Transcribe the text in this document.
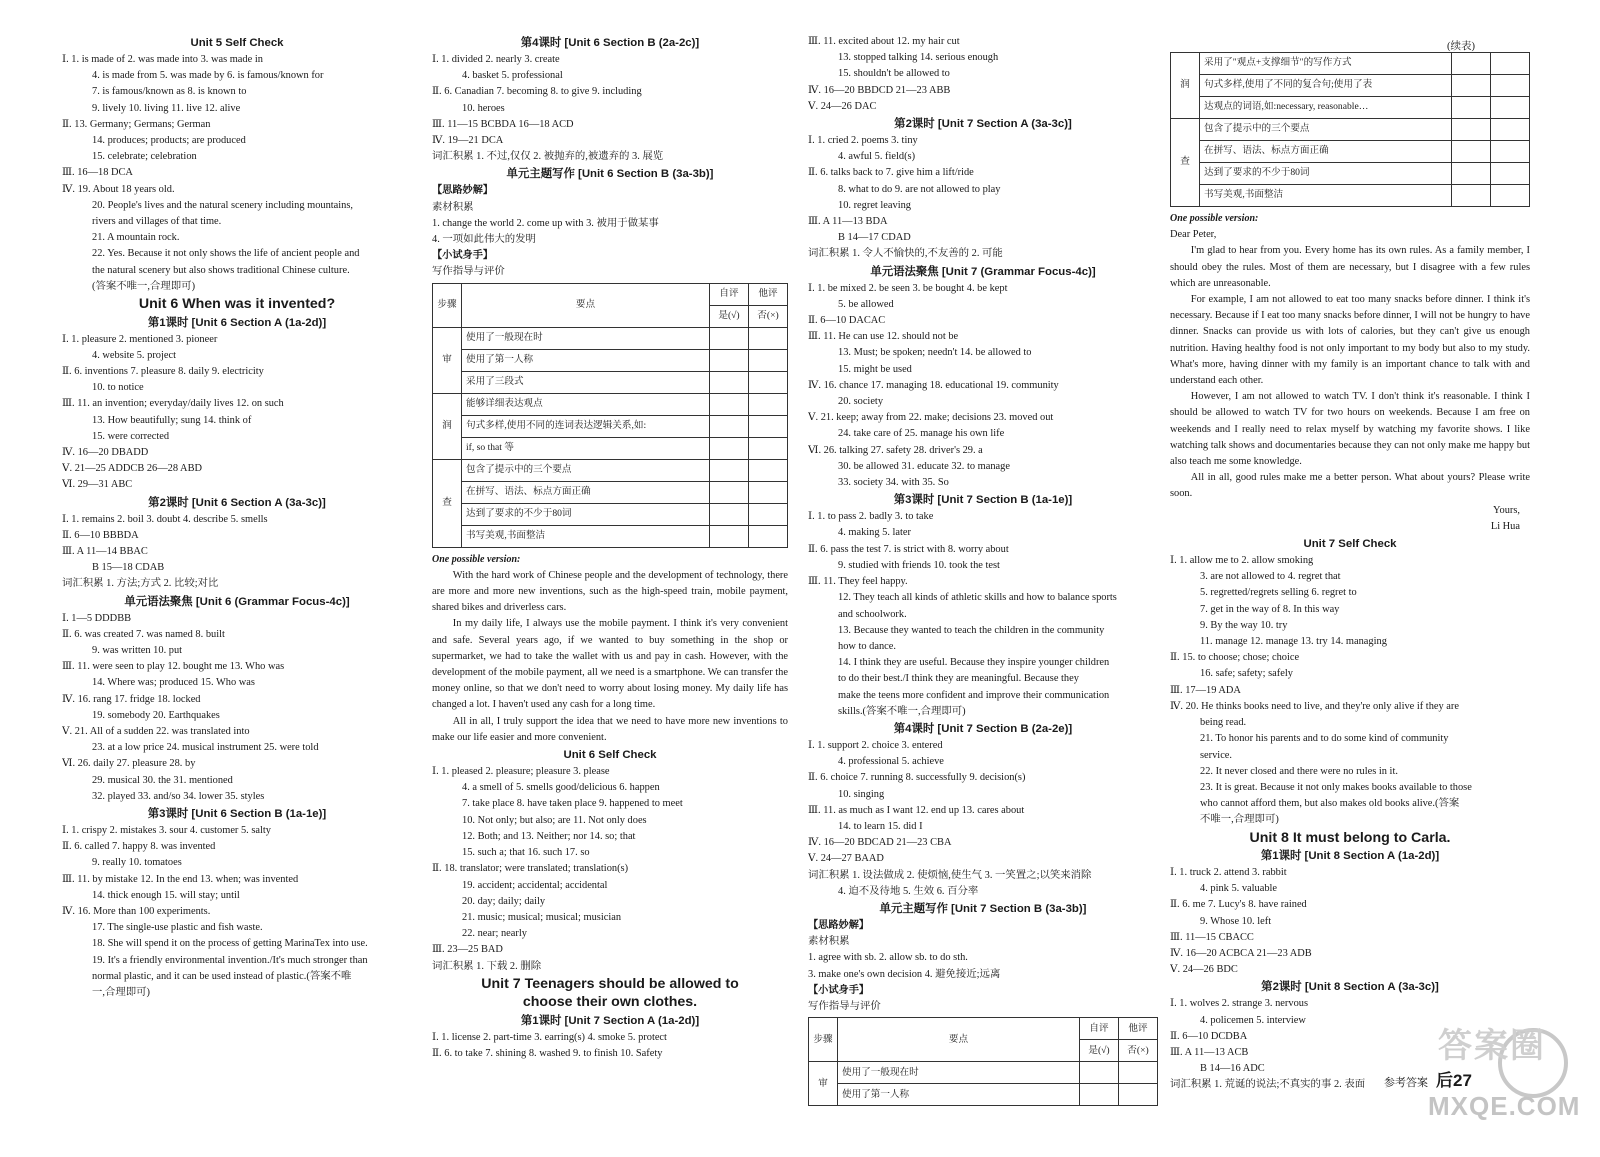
Unit 5 Self Check
Ⅰ. 1. is made of 2. was made into 3. was made in
4. is made from 5. was made by 6. is famous/known for
7. is famous/known as 8. is known to
9. lively 10. living 11. live 12. alive
Ⅱ. 13. Germany; Germans; German
14. produces; products; are produced
15. celebrate; celebration
Ⅲ. 16—18 DCA
Ⅳ. 19. About 18 years old.
20. People's lives and the natural scenery including mountains,
rivers and villages of that time.
21. A mountain rock.
22. Yes. Because it not only shows the life of ancient people and
the natural scenery but also shows traditional Chinese culture.
(答案不唯一,合理即可)
Unit 6 When was it invented?
第1课时 [Unit 6 Section A (1a-2d)]
Ⅰ. 1. pleasure 2. mentioned 3. pioneer
4. website 5. project
Ⅱ. 6. inventions 7. pleasure 8. daily 9. electricity
10. to notice
Ⅲ. 11. an invention; everyday/daily lives 12. on such
13. How beautifully; sung 14. think of
15. were corrected
Ⅳ. 16—20 DBADD
Ⅴ. 21—25 ADDCB 26—28 ABD
Ⅵ. 29—31 ABC
第2课时 [Unit 6 Section A (3a-3c)]
Ⅰ. 1. remains 2. boil 3. doubt 4. describe 5. smells
Ⅱ. 6—10 BBBDA
Ⅲ. A 11—14 BBAC
B 15—18 CDAB
词汇积累 1. 方法;方式 2. 比较;对比
单元语法聚焦 [Unit 6 (Grammar Focus-4c)]
Ⅰ. 1—5 DDDBB
Ⅱ. 6. was created 7. was named 8. built
9. was written 10. put
Ⅲ. 11. were seen to play 12. bought me 13. Who was
14. Where was; produced 15. Who was
Ⅳ. 16. rang 17. fridge 18. locked
19. somebody 20. Earthquakes
Ⅴ. 21. All of a sudden 22. was translated into
23. at a low price 24. musical instrument 25. were told
Ⅵ. 26. daily 27. pleasure 28. by
29. musical 30. the 31. mentioned
32. played 33. and/so 34. lower 35. styles
第3课时 [Unit 6 Section B (1a-1e)]
Ⅰ. 1. crispy 2. mistakes 3. sour 4. customer 5. salty
Ⅱ. 6. called 7. happy 8. was invented
9. really 10. tomatoes
Ⅲ. 11. by mistake 12. In the end 13. when; was invented
14. thick enough 15. will stay; until
Ⅳ. 16. More than 100 experiments.
17. The single-use plastic and fish waste.
18. She will spend it on the process of getting MarinaTex into use.
19. It's a friendly environmental invention./It's much stronger than
normal plastic, and it can be used instead of plastic.(答案不唯
一,合理即可)
第4课时 [Unit 6 Section B (2a-2c)]
Ⅰ. 1. divided 2. nearly 3. create
4. basket 5. professional
Ⅱ. 6. Canadian 7. becoming 8. to give 9. including
10. heroes
Ⅲ. 11—15 BCBDA 16—18 ACD
Ⅳ. 19—21 DCA
词汇积累 1. 不过,仅仅 2. 被抛弃的,被遗弃的 3. 展览
单元主题写作 [Unit 6 Section B (3a-3b)]
【思路妙解】
素材积累
1. change the world 2. come up with 3. 被用于做某事
4. 一项如此伟大的发明
【小试身手】
写作指导与评价
步骤	要点	自评	他评
		是(√)	否(×)
审	使用了一般现在时		
	使用了第一人称		
	采用了三段式		
润	能够详细表达观点		
	句式多样,使用不同的连词表达逻辑关系,如:		
	if, so that 等		
查	包含了提示中的三个要点		
	在拼写、语法、标点方面正确		
	达到了要求的不少于80词		
	书写美观,书面整洁		
One possible version:
With the hard work of Chinese people and the development of technology, there are more and more new inventions, such as the high-speed train, mobile payment, shared bikes and driverless cars.
In my daily life, I always use the mobile payment. I think it's very convenient and safe. Several years ago, if we wanted to buy something in the shop or supermarket, we had to take the wallet with us and pay in cash. However, with the development of the mobile payment, all we need is a smartphone. We can transfer the money online, so that we don't need to worry about losing money. My daily life has changed a lot. I haven't used any cash for a long time.
All in all, I truly support the idea that we need to have more new inventions to make our life easier and more convenient.
Unit 6 Self Check
Ⅰ. 1. pleased 2. pleasure; pleasure 3. please
4. a smell of 5. smells good/delicious 6. happen
7. take place 8. have taken place 9. happened to meet
10. Not only; but also; are 11. Not only does
12. Both; and 13. Neither; nor 14. so; that
15. such a; that 16. such 17. so
Ⅱ. 18. translator; were translated; translation(s)
19. accident; accidental; accidental
20. day; daily; daily
21. music; musical; musical; musician
22. near; nearly
Ⅲ. 23—25 BAD
词汇积累 1. 下载 2. 删除
Unit 7 Teenagers should be allowed to
choose their own clothes.
第1课时 [Unit 7 Section A (1a-2d)]
Ⅰ. 1. license 2. part-time 3. earring(s) 4. smoke 5. protect
Ⅱ. 6. to take 7. shining 8. washed 9. to finish 10. Safety
Ⅲ. 11. excited about 12. my hair cut
13. stopped talking 14. serious enough
15. shouldn't be allowed to
Ⅳ. 16—20 BBDCD 21—23 ABB
Ⅴ. 24—26 DAC
第2课时 [Unit 7 Section A (3a-3c)]
Ⅰ. 1. cried 2. poems 3. tiny
4. awful 5. field(s)
Ⅱ. 6. talks back to 7. give him a lift/ride
8. what to do 9. are not allowed to play
10. regret leaving
Ⅲ. A 11—13 BDA
B 14—17 CDAD
词汇积累 1. 令人不愉快的,不友善的 2. 可能
单元语法聚焦 [Unit 7 (Grammar Focus-4c)]
Ⅰ. 1. be mixed 2. be seen 3. be bought 4. be kept
5. be allowed
Ⅱ. 6—10 DACAC
Ⅲ. 11. He can use 12. should not be
13. Must; be spoken; needn't 14. be allowed to
15. might be used
Ⅳ. 16. chance 17. managing 18. educational 19. community
20. society
Ⅴ. 21. keep; away from 22. make; decisions 23. moved out
24. take care of 25. manage his own life
Ⅵ. 26. talking 27. safety 28. driver's 29. a
30. be allowed 31. educate 32. to manage
33. society 34. with 35. So
第3课时 [Unit 7 Section B (1a-1e)]
Ⅰ. 1. to pass 2. badly 3. to take
4. making 5. later
Ⅱ. 6. pass the test 7. is strict with 8. worry about
9. studied with friends 10. took the test
Ⅲ. 11. They feel happy.
12. They teach all kinds of athletic skills and how to balance sports
and schoolwork.
13. Because they wanted to teach the children in the community
how to dance.
14. I think they are useful. Because they inspire younger children
to do their best./I think they are meaningful. Because they
make the teens more confident and improve their communication
skills.(答案不唯一,合理即可)
第4课时 [Unit 7 Section B (2a-2e)]
Ⅰ. 1. support 2. choice 3. entered
4. professional 5. achieve
Ⅱ. 6. choice 7. running 8. successfully 9. decision(s)
10. singing
Ⅲ. 11. as much as I want 12. end up 13. cares about
14. to learn 15. did I
Ⅳ. 16—20 BDCAD 21—23 CBA
Ⅴ. 24—27 BAAD
词汇积累 1. 设法做成 2. 使烦恼,使生气 3. 一笑置之;以笑来消除
4. 迫不及待地 5. 生效 6. 百分率
单元主题写作 [Unit 7 Section B (3a-3b)]
【思路妙解】
素材积累
1. agree with sb. 2. allow sb. to do sth.
3. make one's own decision 4. 避免接近;远离
【小试身手】
写作指导与评价
步骤	要点	自评	他评
		是(√)	否(×)
审	使用了一般现在时		
	使用了第一人称		
(续表)
润	采用了"观点+支撑细节"的写作方式		
	句式多样,使用了不同的复合句;使用了表		
	达观点的词语,如:necessary, reasonable…		
查	包含了提示中的三个要点		
	在拼写、语法、标点方面正确		
	达到了要求的不少于80词		
	书写美观,书面整洁		
One possible version:
Dear Peter,
I'm glad to hear from you. Every home has its own rules. As a family member, I should obey the rules. Most of them are necessary, but I disagree with a few rules which are unreasonable.
For example, I am not allowed to eat too many snacks before dinner. I think it's necessary. Because if I eat too many snacks before dinner, I will not be hungry to have dinner. Snacks can provide us with lots of calories, but they can't give us enough nutrition. Having healthy food is not only important to my body but also to my study. What's more, having dinner with my family is an important chance to talk with and understand each other.
However, I am not allowed to watch TV. I don't think it's reasonable. I think I should be allowed to watch TV for two hours on weekends. Because I am free on weekends and I really need to relax myself by watching my favorite shows. I like watching talk shows and documentaries because they can not only make me happy but also teach me some knowledge.
All in all, good rules make me a better person. What about yours? Please write soon.
Yours,
Li Hua
Unit 7 Self Check
Ⅰ. 1. allow me to 2. allow smoking
3. are not allowed to 4. regret that
5. regretted/regrets selling 6. regret to
7. get in the way of 8. In this way
9. By the way 10. try
11. manage 12. manage 13. try 14. managing
Ⅱ. 15. to choose; chose; choice
16. safe; safety; safely
Ⅲ. 17—19 ADA
Ⅳ. 20. He thinks books need to live, and they're only alive if they are
being read.
21. To honor his parents and to do some kind of community
service.
22. It never closed and there were no rules in it.
23. It is great. Because it not only makes books available to those
who cannot afford them, but also makes old books alive.(答案
不唯一,合理即可)
Unit 8 It must belong to Carla.
第1课时 [Unit 8 Section A (1a-2d)]
Ⅰ. 1. truck 2. attend 3. rabbit
4. pink 5. valuable
Ⅱ. 6. me 7. Lucy's 8. have rained
9. Whose 10. left
Ⅲ. 11—15 CBACC
Ⅳ. 16—20 ACBCA 21—23 ADB
Ⅴ. 24—26 BDC
第2课时 [Unit 8 Section A (3a-3c)]
Ⅰ. 1. wolves 2. strange 3. nervous
4. policemen 5. interview
Ⅱ. 6—10 DCDBA
Ⅲ. A 11—13 ACB
B 14—16 ADC
词汇积累 1. 荒诞的说法;不真实的事 2. 表面	参考答案 后27
答案圈
MXQE.COM
